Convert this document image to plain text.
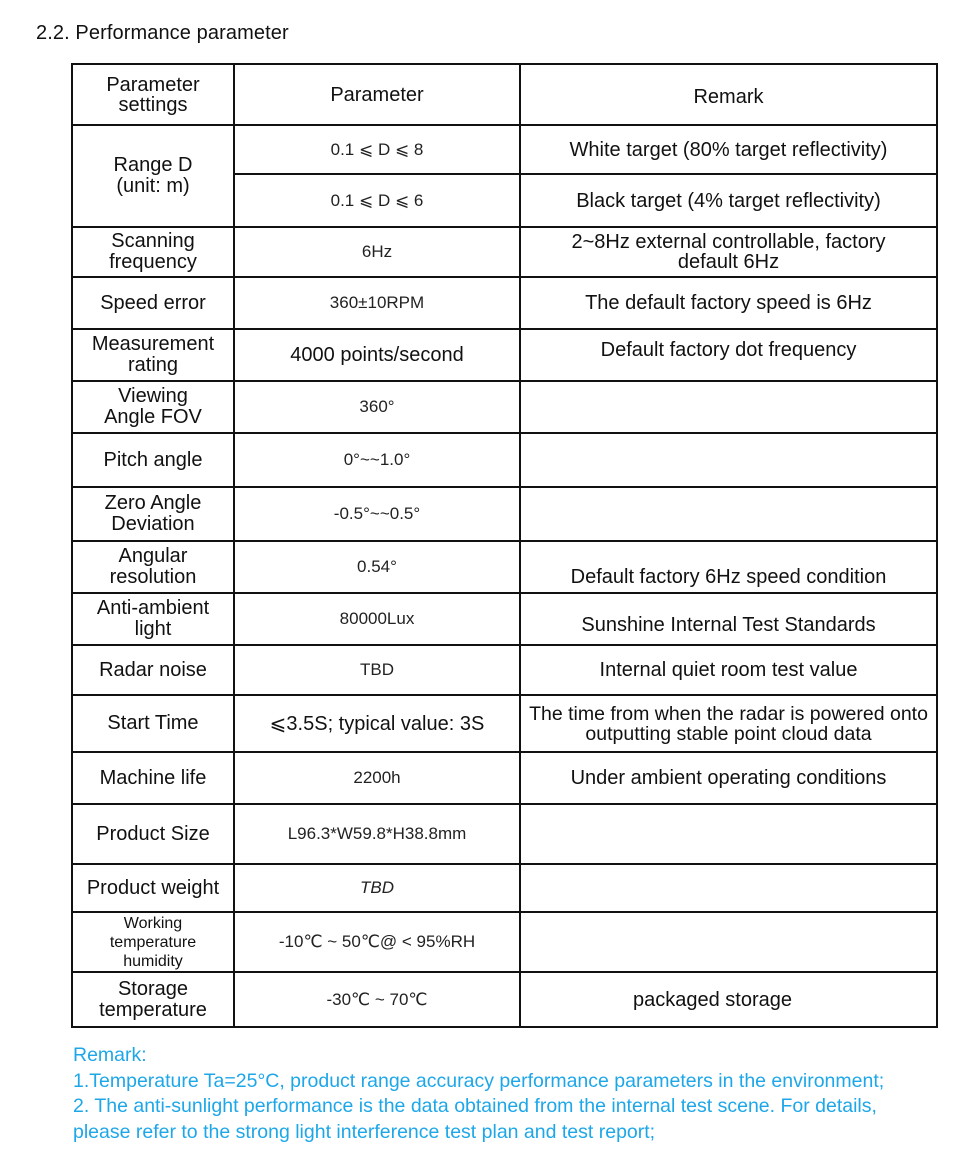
2.2. Performance parameter
Parameter settings	Parameter	Remark
Range D (unit: m)	0.1 ⩽ D ⩽ 8	White target (80% target reflectivity)
	0.1 ⩽ D ⩽ 6	Black target (4% target reflectivity)
Scanning frequency	6Hz	2~8Hz external controllable, factory default 6Hz
Speed error	360±10RPM	The default factory speed is 6Hz
Measurement rating	4000 points/second	Default factory dot frequency
Viewing Angle FOV	360°	
Pitch angle	0°~~1.0°	
Zero Angle Deviation	-0.5°~~0.5°	
Angular resolution	0.54°	Default factory 6Hz speed condition
Anti-ambient light	80000Lux	Sunshine Internal Test Standards
Radar noise	TBD	Internal quiet room test value
Start Time	⩽3.5S; typical value: 3S	The time from when the radar is powered onto outputting stable point cloud data
Machine life	2200h	Under ambient operating conditions
Product Size	L96.3*W59.8*H38.8mm	
Product weight	TBD	
Working temperature humidity	-10℃ ~ 50℃@ < 95%RH	
Storage temperature	-30℃ ~ 70℃	packaged storage
Remark:
1.Temperature Ta=25°C, product range accuracy performance parameters in the environment;
2. The anti-sunlight performance is the data obtained from the internal test scene. For details,
please refer to the strong light interference test plan and test report;
